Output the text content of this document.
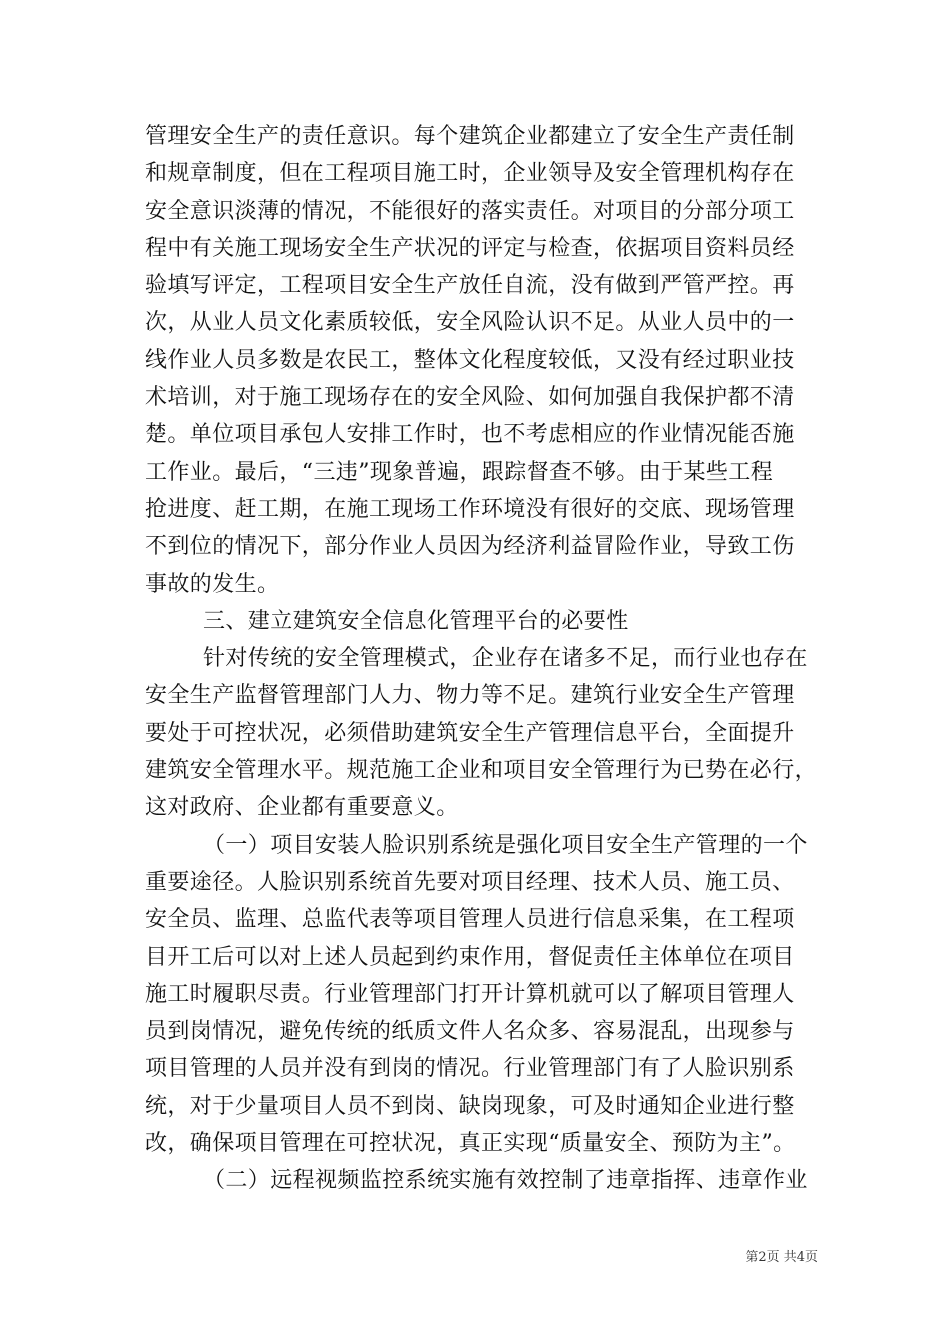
管理安全生产的责任意识。每个建筑企业都建立了安全生产责任制
和规章制度，但在工程项目施工时，企业领导及安全管理机构存在
安全意识淡薄的情况，不能很好的落实责任。对项目的分部分项工
程中有关施工现场安全生产状况的评定与检查，依据项目资料员经
验填写评定，工程项目安全生产放任自流，没有做到严管严控。再
次，从业人员文化素质较低，安全风险认识不足。从业人员中的一
线作业人员多数是农民工，整体文化程度较低，又没有经过职业技
术培训，对于施工现场存在的安全风险、如何加强自我保护都不清
楚。单位项目承包人安排工作时，也不考虑相应的作业情况能否施
工作业。最后，“三违”现象普遍，跟踪督查不够。由于某些工程
抢进度、赶工期，在施工现场工作环境没有很好的交底、现场管理
不到位的情况下，部分作业人员因为经济利益冒险作业，导致工伤
事故的发生。
三、建立建筑安全信息化管理平台的必要性
针对传统的安全管理模式，企业存在诸多不足，而行业也存在
安全生产监督管理部门人力、物力等不足。建筑行业安全生产管理
要处于可控状况，必须借助建筑安全生产管理信息平台，全面提升
建筑安全管理水平。规范施工企业和项目安全管理行为已势在必行，
这对政府、企业都有重要意义。
（一）项目安装人脸识别系统是强化项目安全生产管理的一个
重要途径。人脸识别系统首先要对项目经理、技术人员、施工员、
安全员、监理、总监代表等项目管理人员进行信息采集，在工程项
目开工后可以对上述人员起到约束作用，督促责任主体单位在项目
施工时履职尽责。行业管理部门打开计算机就可以了解项目管理人
员到岗情况，避免传统的纸质文件人名众多、容易混乱，出现参与
项目管理的人员并没有到岗的情况。行业管理部门有了人脸识别系
统，对于少量项目人员不到岗、缺岗现象，可及时通知企业进行整
改，确保项目管理在可控状况，真正实现“质量安全、预防为主”。
（二）远程视频监控系统实施有效控制了违章指挥、违章作业
第2页 共4页
